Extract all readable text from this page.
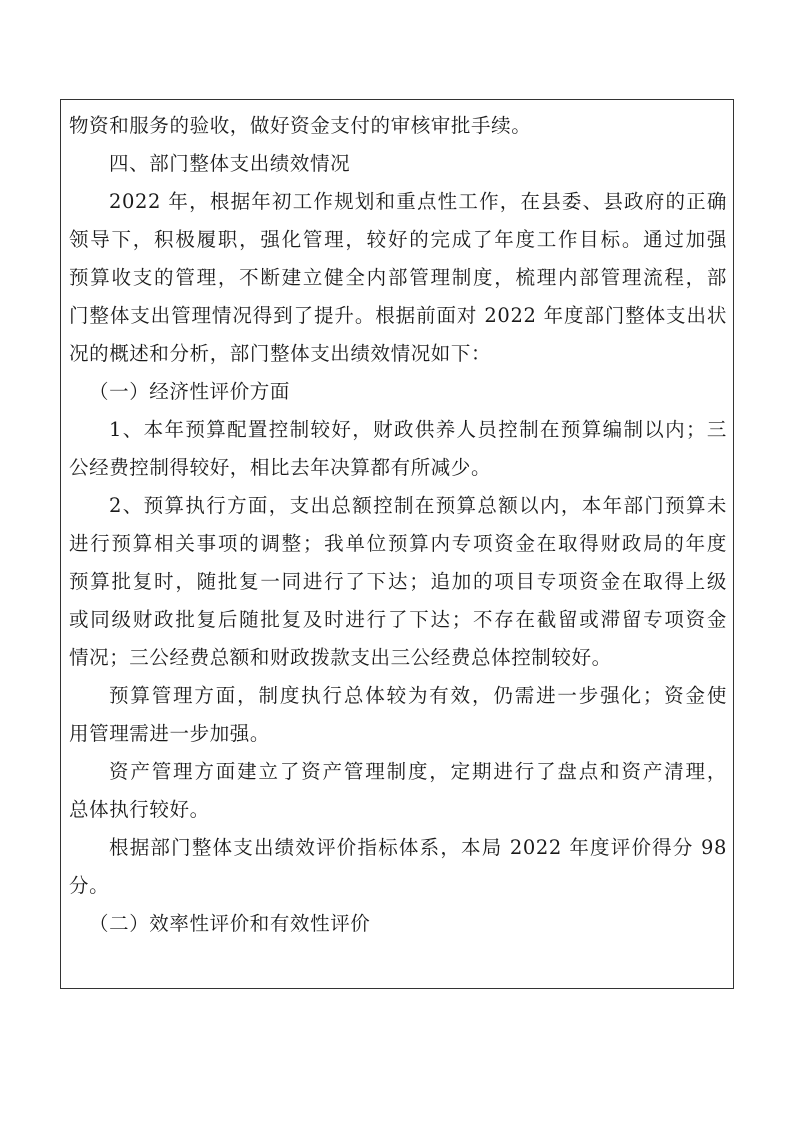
物资和服务的验收，做好资金支付的审核审批手续。
四、部门整体支出绩效情况
2022 年，根据年初工作规划和重点性工作，在县委、县政府的正确
领导下，积极履职，强化管理，较好的完成了年度工作目标。通过加强
预算收支的管理，不断建立健全内部管理制度，梳理内部管理流程，部
门整体支出管理情况得到了提升。根据前面对 2022 年度部门整体支出状
况的概述和分析，部门整体支出绩效情况如下：
（一）经济性评价方面
1、本年预算配置控制较好，财政供养人员控制在预算编制以内；三
公经费控制得较好，相比去年决算都有所减少。
2、预算执行方面，支出总额控制在预算总额以内，本年部门预算未
进行预算相关事项的调整；我单位预算内专项资金在取得财政局的年度
预算批复时，随批复一同进行了下达；追加的项目专项资金在取得上级
或同级财政批复后随批复及时进行了下达；不存在截留或滞留专项资金
情况；三公经费总额和财政拨款支出三公经费总体控制较好。
预算管理方面，制度执行总体较为有效，仍需进一步强化；资金使
用管理需进一步加强。
资产管理方面建立了资产管理制度，定期进行了盘点和资产清理，
总体执行较好。
根据部门整体支出绩效评价指标体系，本局 2022 年度评价得分 98
分。
（二）效率性评价和有效性评价
